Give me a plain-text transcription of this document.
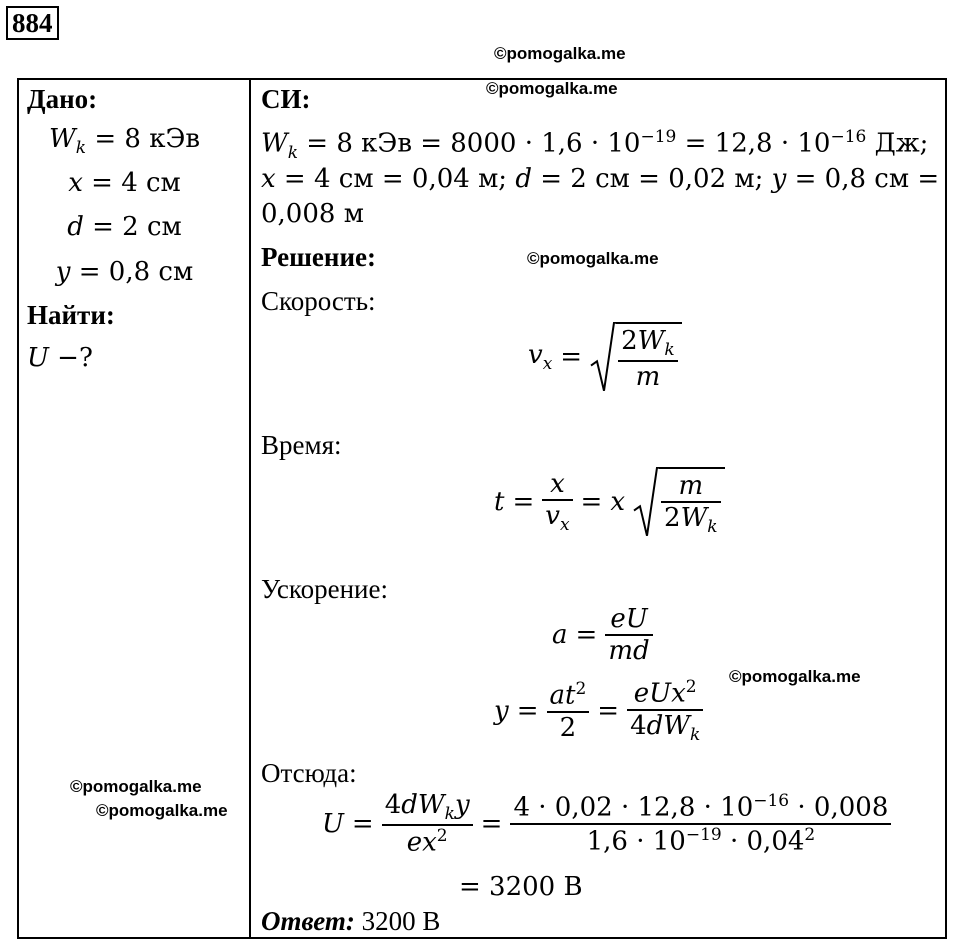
884
©pomogalka.me
©pomogalka.me
©pomogalka.me
©pomogalka.me
©pomogalka.me
©pomogalka.me
Дано:
$W_k = 8$ кЭв
x = 4 см
d = 2 см
y = 0,8 см
Найти:
U −?
СИ:
$W_k = 8$ кЭв = $8000 \cdot 1,6 \cdot 10^{-19} = 12,8 \cdot 10^{-16}$ Дж;
x = 4 см = 0,04 м; d = 2 см = 0,02 м; y = 0,8 см =
0,008 м
Решение:
Скорость:
$v_x = \frac{2W_k}{m}$
Время:
$t = \frac{x}{v_x} = x \frac{m}{2W_k}$
Ускорение:
$a = \frac{eU}{md}$
$y = \frac{at^2}{2} = \frac{eUx^2}{4dW_k}$
Отсюда:
$U = \frac{4dW_ky}{ex^2} = \frac{4 \cdot 0,02 \cdot 12,8 \cdot 10^{-16} \cdot 0,008}{1,6 \cdot 10^{-19} \cdot 0,04^2}$
= 3200 В
Ответ: 3200 В
